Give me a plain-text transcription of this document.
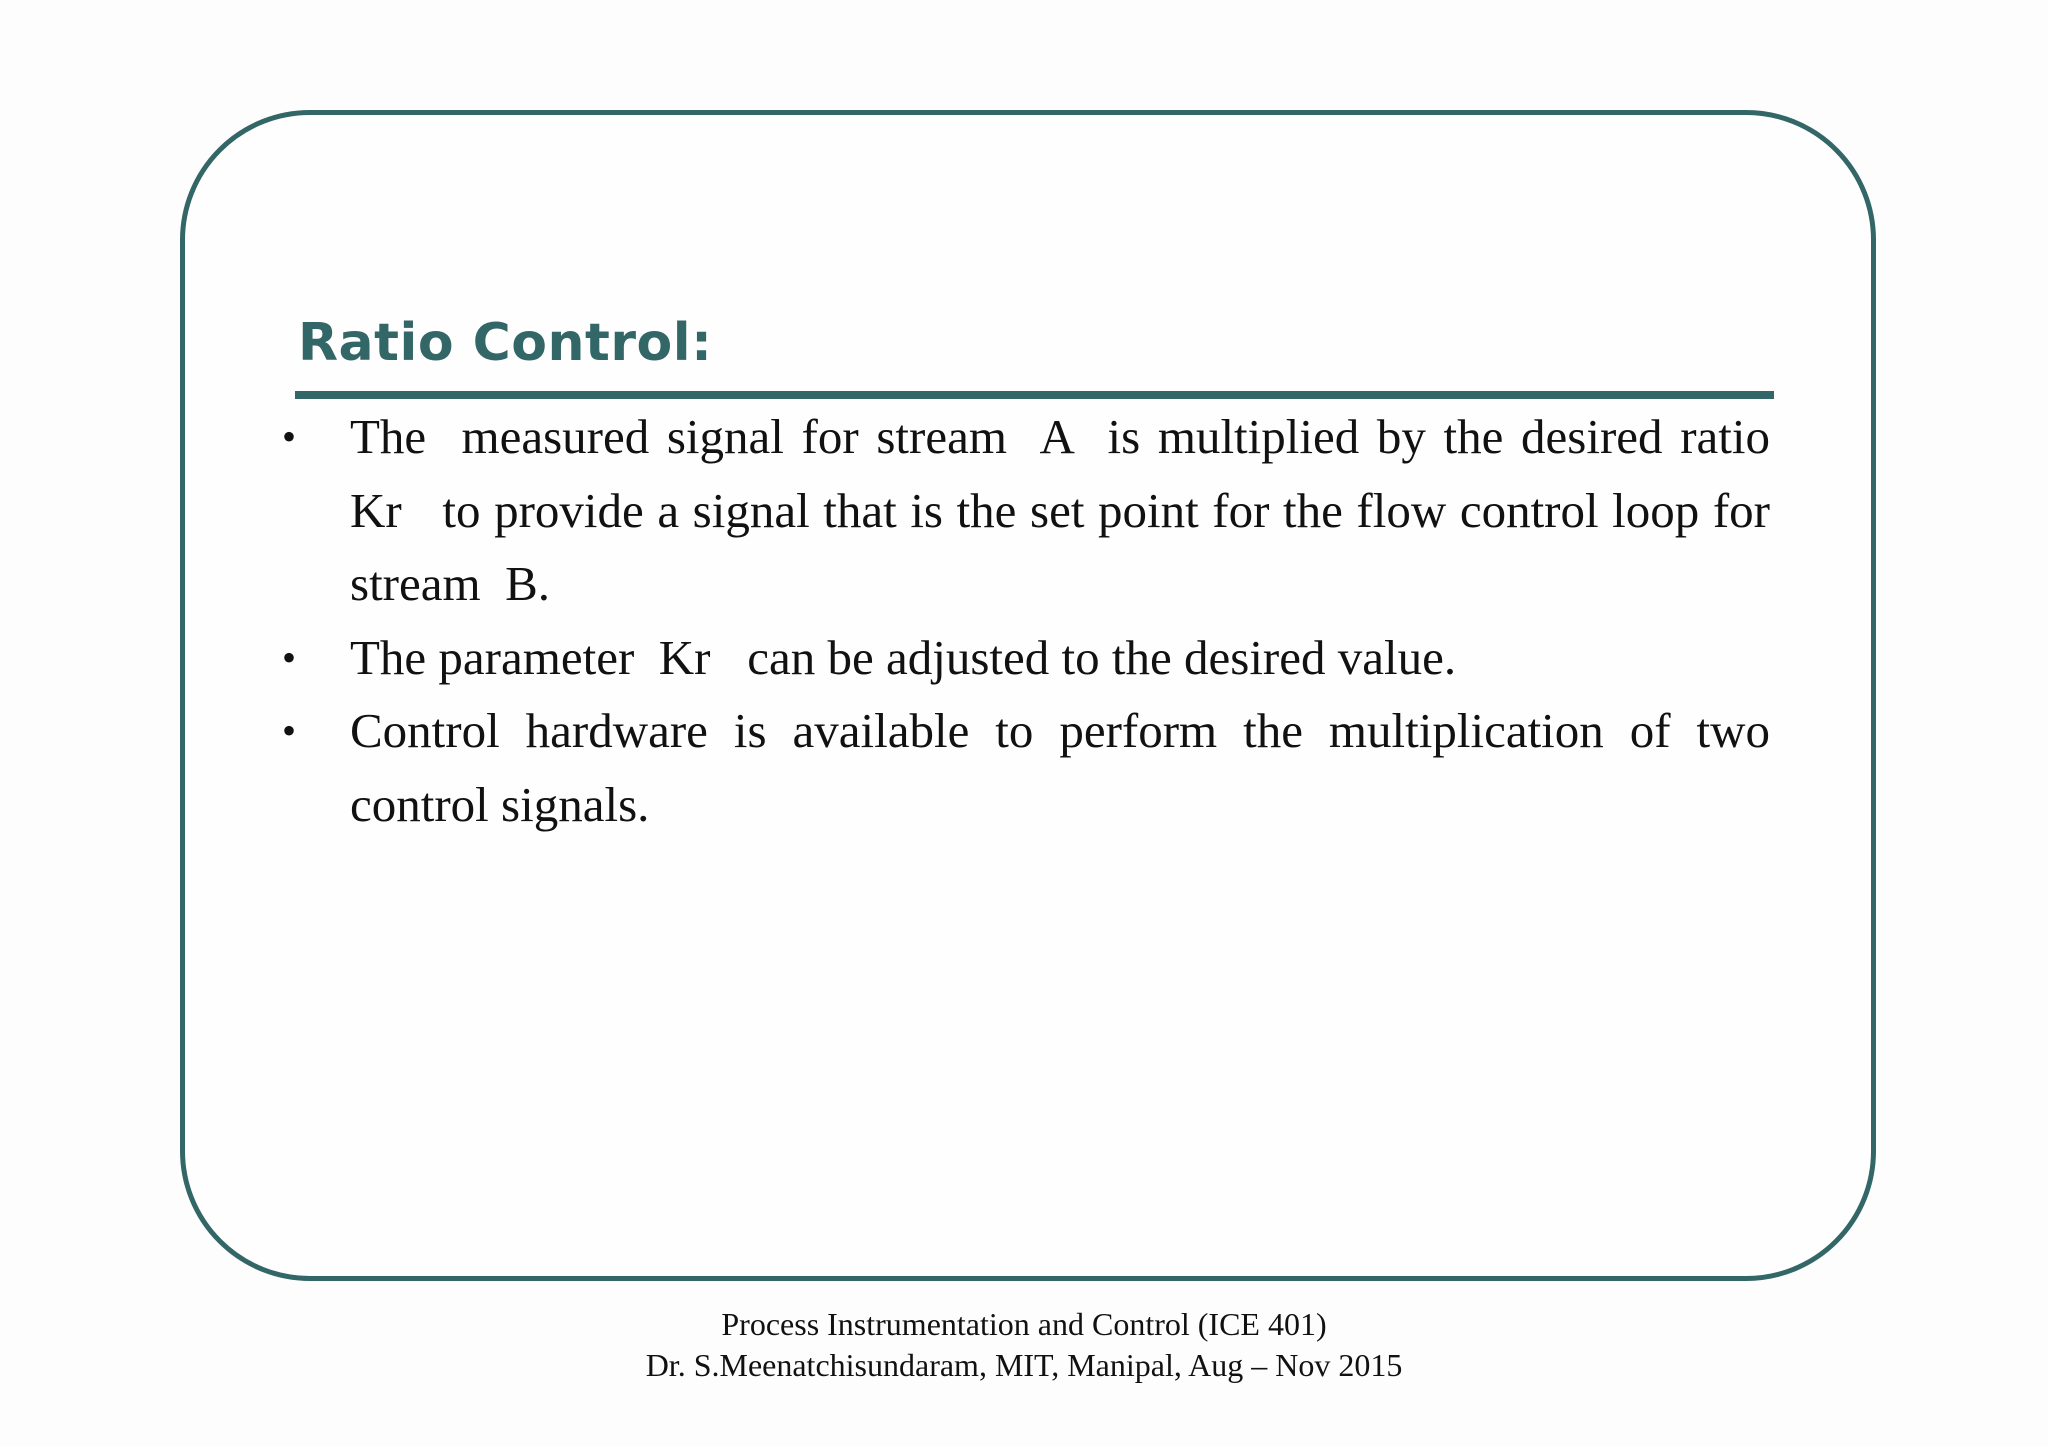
Ratio Control:
• The  measured signal for stream  A  is multiplied by the desired ratio  Kr   to provide a signal that is the set point for the flow control loop for stream  B.
• The parameter  Kr   can be adjusted to the desired value.
• Control hardware is available to perform the multiplication of two control signals.
Process Instrumentation and Control (ICE 401)
Dr. S.Meenatchisundaram, MIT, Manipal, Aug – Nov 2015
